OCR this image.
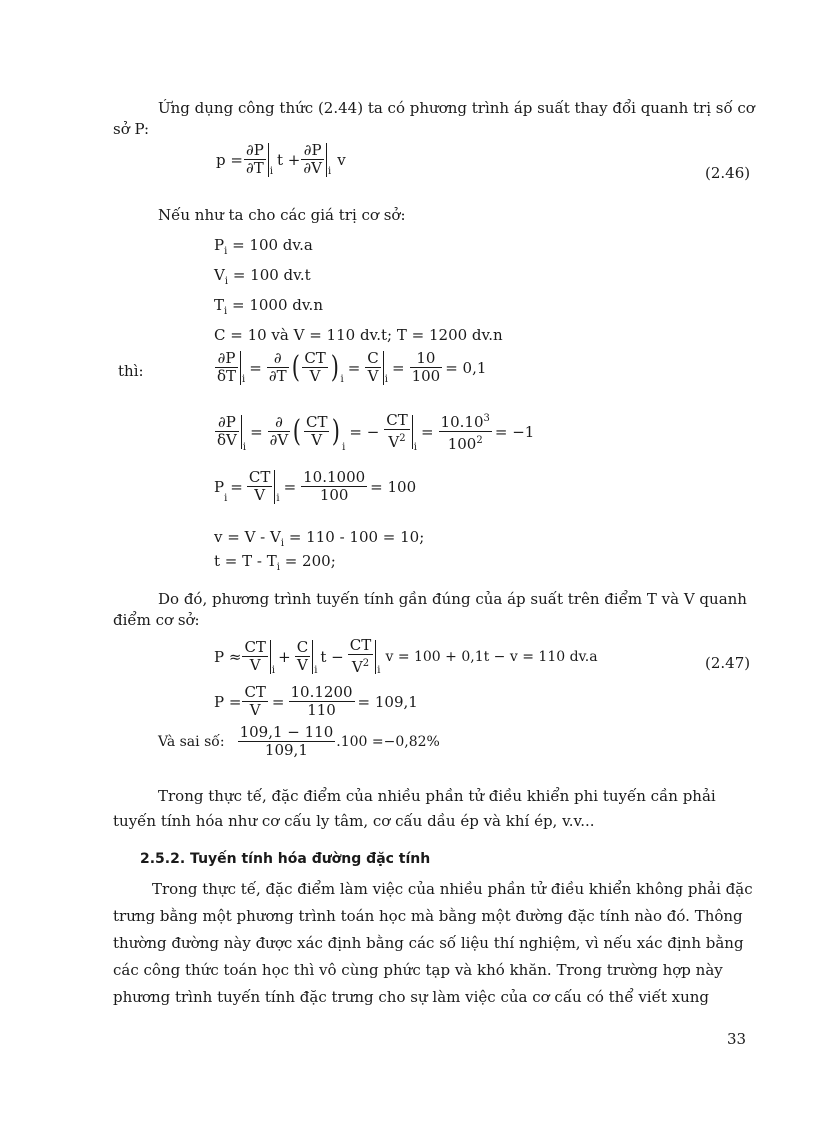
Ứng dụng công thức (2.44) ta có phương trình áp suất thay đổi quanh trị số cơ
sở P:
$p = \frac{\partial P}{\partial T}$ i
$t + \frac{\partial P}{\partial V}$ i
v
(2.46)
Nếu như ta cho các giá trị cơ sở:
$P_i = 100$ dv.a
$V_i = 100$ dv.t
$T_i = 1000$ dv.n
C = 10 và V = 110 dv.t; T = 1200 dv.n
thì:	$\frac{\partial P}{\delta T}$ i
= $\frac{\partial}{\partial T}$ ( $\frac{CT}{V}$ ) i
= $\frac{C}{V}$ i
= $\frac{10}{100} = 0,1$
$\frac{\partial P}{\delta V}$ i
= $\frac{\partial}{\partial V}$ ( $\frac{CT}{V}$ ) i
= − $\frac{CT}{V^2}$ i
= $\frac{10.10^3}{100^2} = -1$
P
i
= $\frac{CT}{V}$ i
= $\frac{10.1000}{100} = 100$
$v = V - V_i = 110 - 100 = 10$;
$t = T - T_i = 200$;
Do đó, phương trình tuyến tính gần đúng của áp suất trên điểm T và V quanh
điểm cơ sở:
$P \approx \frac{CT}{V}$ i
+ $\frac{C}{V}$ i
$t - \frac{CT}{V^2}$ i
v = 100 + 0,1t − v = 110 dv.a	(2.47)
$P = \frac{CT}{V} = \frac{10.1200}{110} = 109,1$
Và sai số: $\frac{109,1 - 110}{109,1} .100 =-0,82\%$
Trong thực tế, đặc điểm của nhiều phần tử điều khiển phi tuyến cần phải
tuyến tính hóa như cơ cấu ly tâm, cơ cấu dầu ép và khí ép, v.v...
2.5.2. Tuyến tính hóa đường đặc tính
Trong thực tế, đặc điểm làm việc của nhiều phần tử điều khiển không phải đặc
trưng bằng một phương trình toán học mà bằng một đường đặc tính nào đó. Thông
thường đường này được xác định bằng các số liệu thí nghiệm, vì nếu xác định bằng
các công thức toán học thì vô cùng phức tạp và khó khăn. Trong trường hợp này
phương trình tuyến tính đặc trưng cho sự làm việc của cơ cấu có thể viết xung
33
